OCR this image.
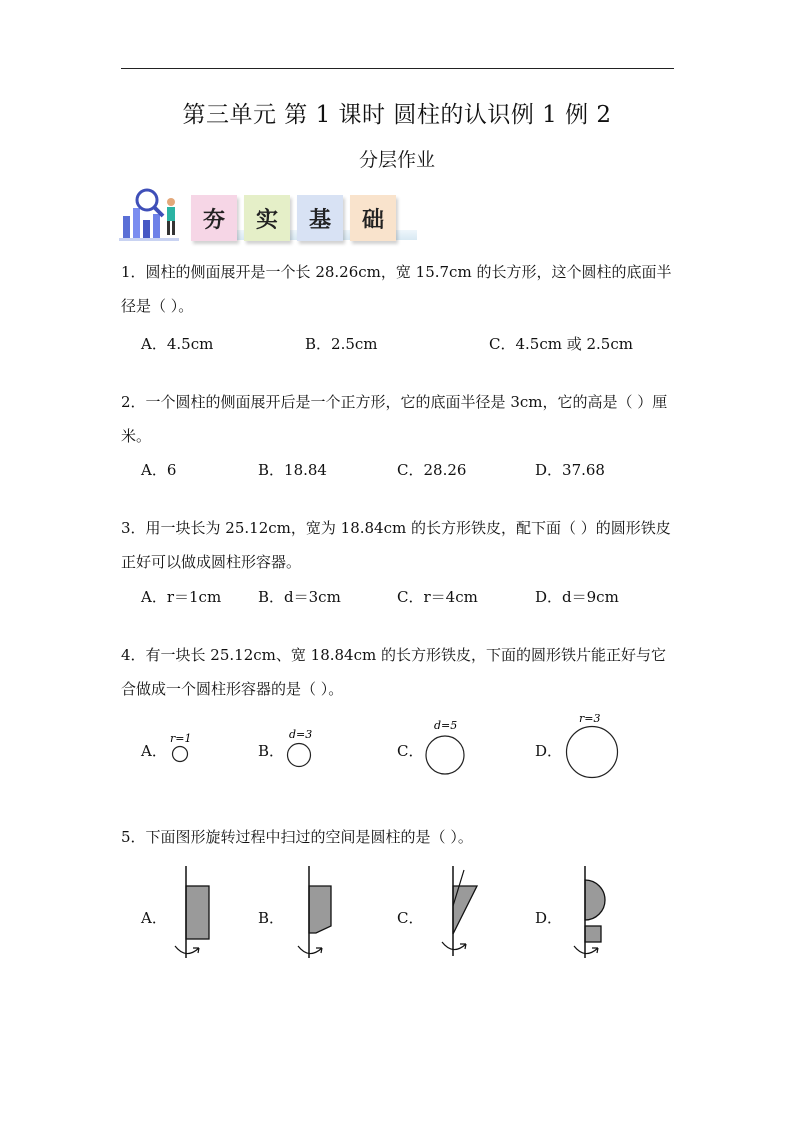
第三单元 第 1 课时 圆柱的认识例 1 例 2
分层作业
夯	实	基	础
1．圆柱的侧面展开是一个长 28.26cm，宽 15.7cm 的长方形，这个圆柱的底面半径是（ ）。
A．4.5cm	B．2.5cm	C．4.5cm 或 2.5cm
2．一个圆柱的侧面展开后是一个正方形，它的底面半径是 3cm，它的高是（ ）厘米。
A．6	B．18.84	C．28.26	D．37.68
3．用一块长为 25.12cm，宽为 18.84cm 的长方形铁皮，配下面（ ）的圆形铁皮正好可以做成圆柱形容器。
A．r＝1cm B．d＝3cm	C．r＝4cm	D．d＝9cm
4．有一块长 25.12cm、宽 18.84cm 的长方形铁皮，下面的圆形铁片能正好与它合做成一个圆柱形容器的是（ ）。
A．	B．	C．	D．
r=1	d=3
d=5
r=3
5．下面图形旋转过程中扫过的空间是圆柱的是（ ）。
A．	B．	C．	D．
